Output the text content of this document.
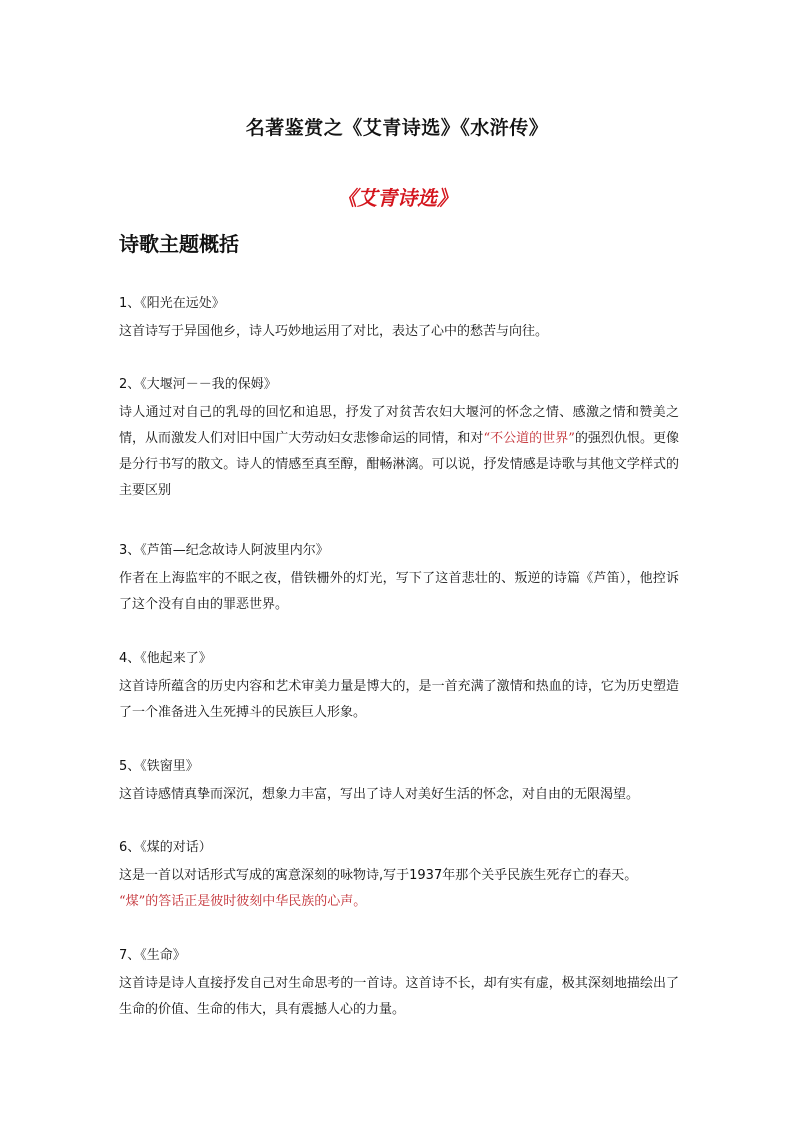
名著鉴赏之《艾青诗选》《水浒传》
《艾青诗选》
诗歌主题概括
1、《阳光在远处》
这首诗写于异国他乡，诗人巧妙地运用了对比，表达了心中的愁苦与向往。
2、《大堰河－－我的保姆》
诗人通过对自己的乳母的回忆和追思，抒发了对贫苦农妇大堰河的怀念之情、感激之情和赞美之情，从而激发人们对旧中国广大劳动妇女悲惨命运的同情，和对“不公道的世界”的强烈仇恨。更像是分行书写的散文。诗人的情感至真至醇，酣畅淋漓。可以说，抒发情感是诗歌与其他文学样式的主要区别
3、《芦笛—纪念故诗人阿波里内尔》
作者在上海监牢的不眠之夜，借铁栅外的灯光，写下了这首悲壮的、叛逆的诗篇《芦笛），他控诉了这个没有自由的罪恶世界。
4、《他起来了》
这首诗所蕴含的历史内容和艺术审美力量是博大的，是一首充满了激情和热血的诗，它为历史塑造了一个准备进入生死搏斗的民族巨人形象。
5、《铁窗里》
这首诗感情真挚而深沉，想象力丰富，写出了诗人对美好生活的怀念，对自由的无限渴望。
6、《煤的对话）
这是一首以对话形式写成的寓意深刻的咏物诗,写于1937年那个关乎民族生死存亡的春天。
“煤”的答话正是彼时彼刻中华民族的心声。
7、《生命》
这首诗是诗人直接抒发自己对生命思考的一首诗。这首诗不长，却有实有虚，极其深刻地描绘出了生命的价值、生命的伟大，具有震撼人心的力量。
